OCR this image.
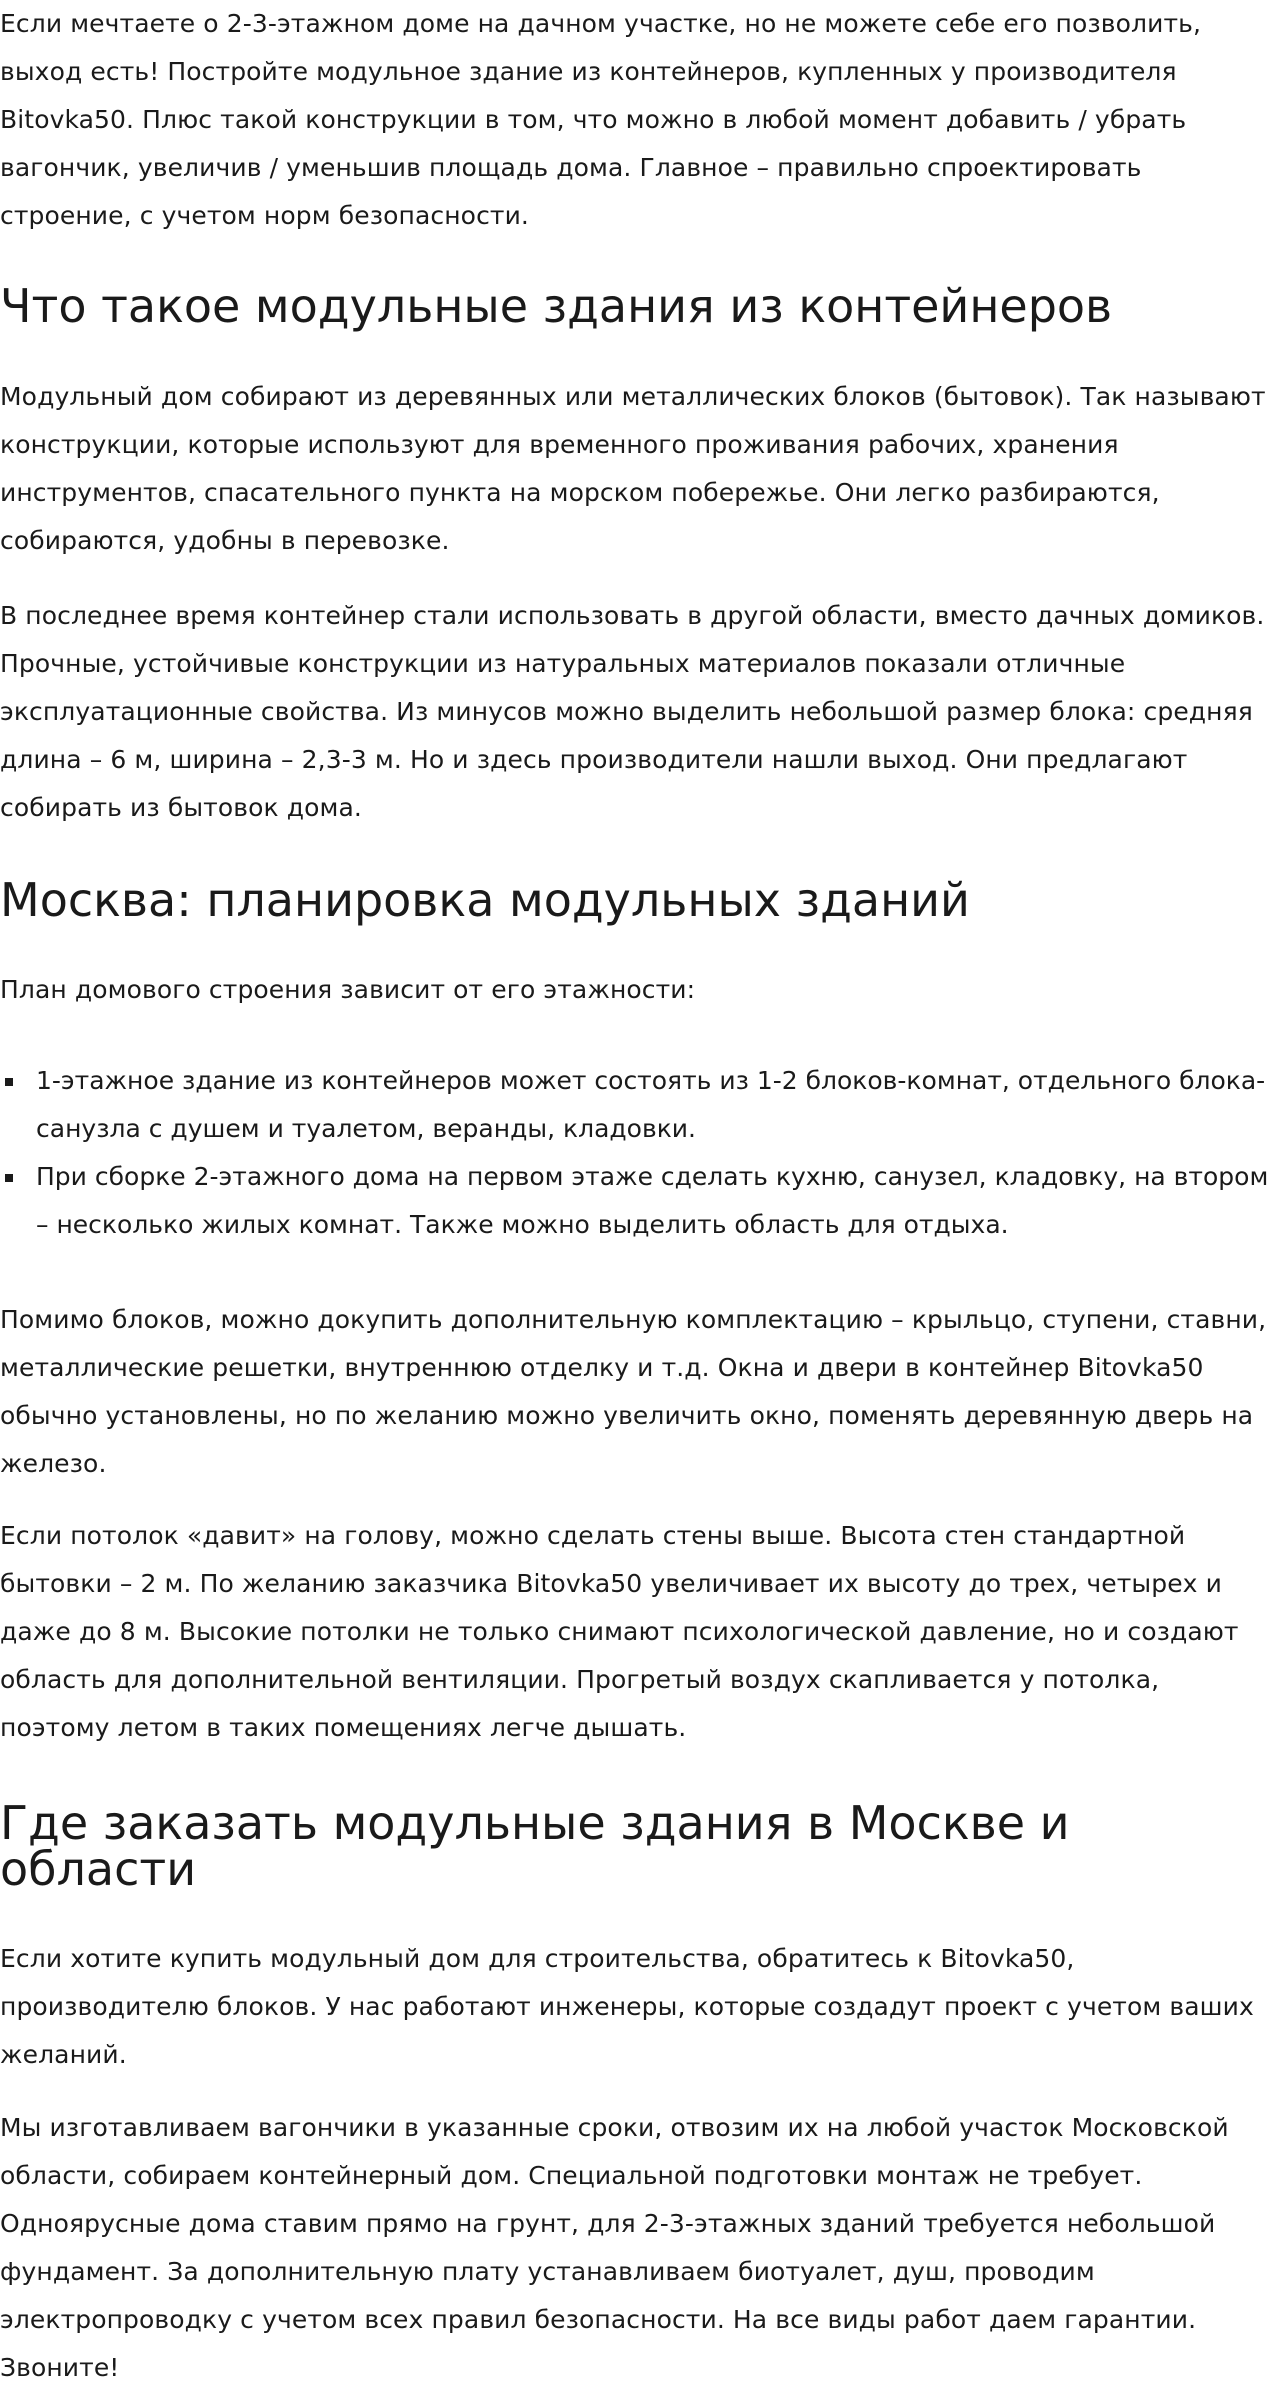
Если мечтаете о 2-3-этажном доме на дачном участке, но не можете себе его позволить, выход есть! Постройте модульное здание из контейнеров, купленных у производителя Bitovka50. Плюс такой конструкции в том, что можно в любой момент добавить / убрать вагончик, увеличив / уменьшив площадь дома. Главное – правильно спроектировать строение, с учетом норм безопасности.

Что такое модульные здания из контейнеров

Модульный дом собирают из деревянных или металлических блоков (бытовок). Так называют конструкции, которые используют для временного проживания рабочих, хранения инструментов, спасательного пункта на морском побережье. Они легко разбираются, собираются, удобны в перевозке.

В последнее время контейнер стали использовать в другой области, вместо дачных домиков. Прочные, устойчивые конструкции из натуральных материалов показали отличные эксплуатационные свойства. Из минусов можно выделить небольшой размер блока: средняя длина – 6 м, ширина – 2,3-3 м. Но и здесь производители нашли выход. Они предлагают собирать из бытовок дома.

Москва: планировка модульных зданий

План домового строения зависит от его этажности:

1-этажное здание из контейнеров может состоять из 1-2 блоков-комнат, отдельного блока-санузла с душем и туалетом, веранды, кладовки.
При сборке 2-этажного дома на первом этаже сделать кухню, санузел, кладовку, на втором – несколько жилых комнат. Также можно выделить область для отдыха.

Помимо блоков, можно докупить дополнительную комплектацию – крыльцо, ступени, ставни, металлические решетки, внутреннюю отделку и т.д. Окна и двери в контейнер Bitovka50 обычно установлены, но по желанию можно увеличить окно, поменять деревянную дверь на железо.

Если потолок «давит» на голову, можно сделать стены выше. Высота стен стандартной бытовки – 2 м. По желанию заказчика Bitovka50 увеличивает их высоту до трех, четырех и даже до 8 м. Высокие потолки не только снимают психологической давление, но и создают область для дополнительной вентиляции. Прогретый воздух скапливается у потолка, поэтому летом в таких помещениях легче дышать.

Где заказать модульные здания в Москве и области

Если хотите купить модульный дом для строительства, обратитесь к Bitovka50, производителю блоков. У нас работают инженеры, которые создадут проект с учетом ваших желаний.

Мы изготавливаем вагончики в указанные сроки, отвозим их на любой участок Московской области, собираем контейнерный дом. Специальной подготовки монтаж не требует. Одноярусные дома ставим прямо на грунт, для 2-3-этажных зданий требуется небольшой фундамент. За дополнительную плату устанавливаем биотуалет, душ, проводим электропроводку с учетом всех правил безопасности. На все виды работ даем гарантии. Звоните!
